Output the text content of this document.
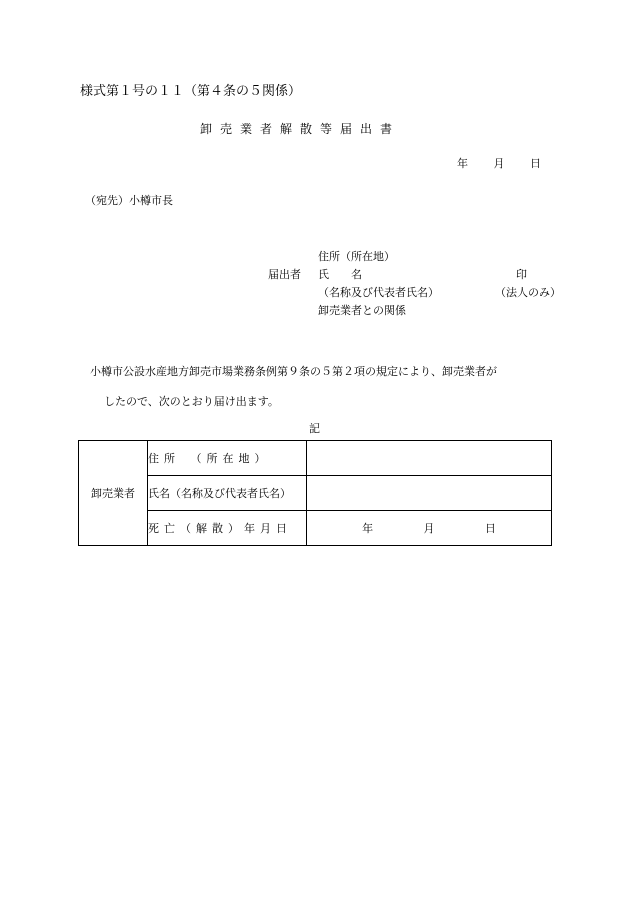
様式第１号の１１（第４条の５関係）
卸売業者解散等届出書
年 月 日
（宛先）小樽市長
住所（所在地）
届出者	氏　　名
（名称及び代表者氏名）
卸売業者との関係
印
（法人のみ）
小樽市公設水産地方卸売市場業務条例第９条の５第２項の規定により、卸売業者が
したので、次のとおり届け出ます。
記
卸売業者	住所　（所在地）	
	氏名（名称及び代表者氏名）	
	死亡（解散）年月日	年 月 日
